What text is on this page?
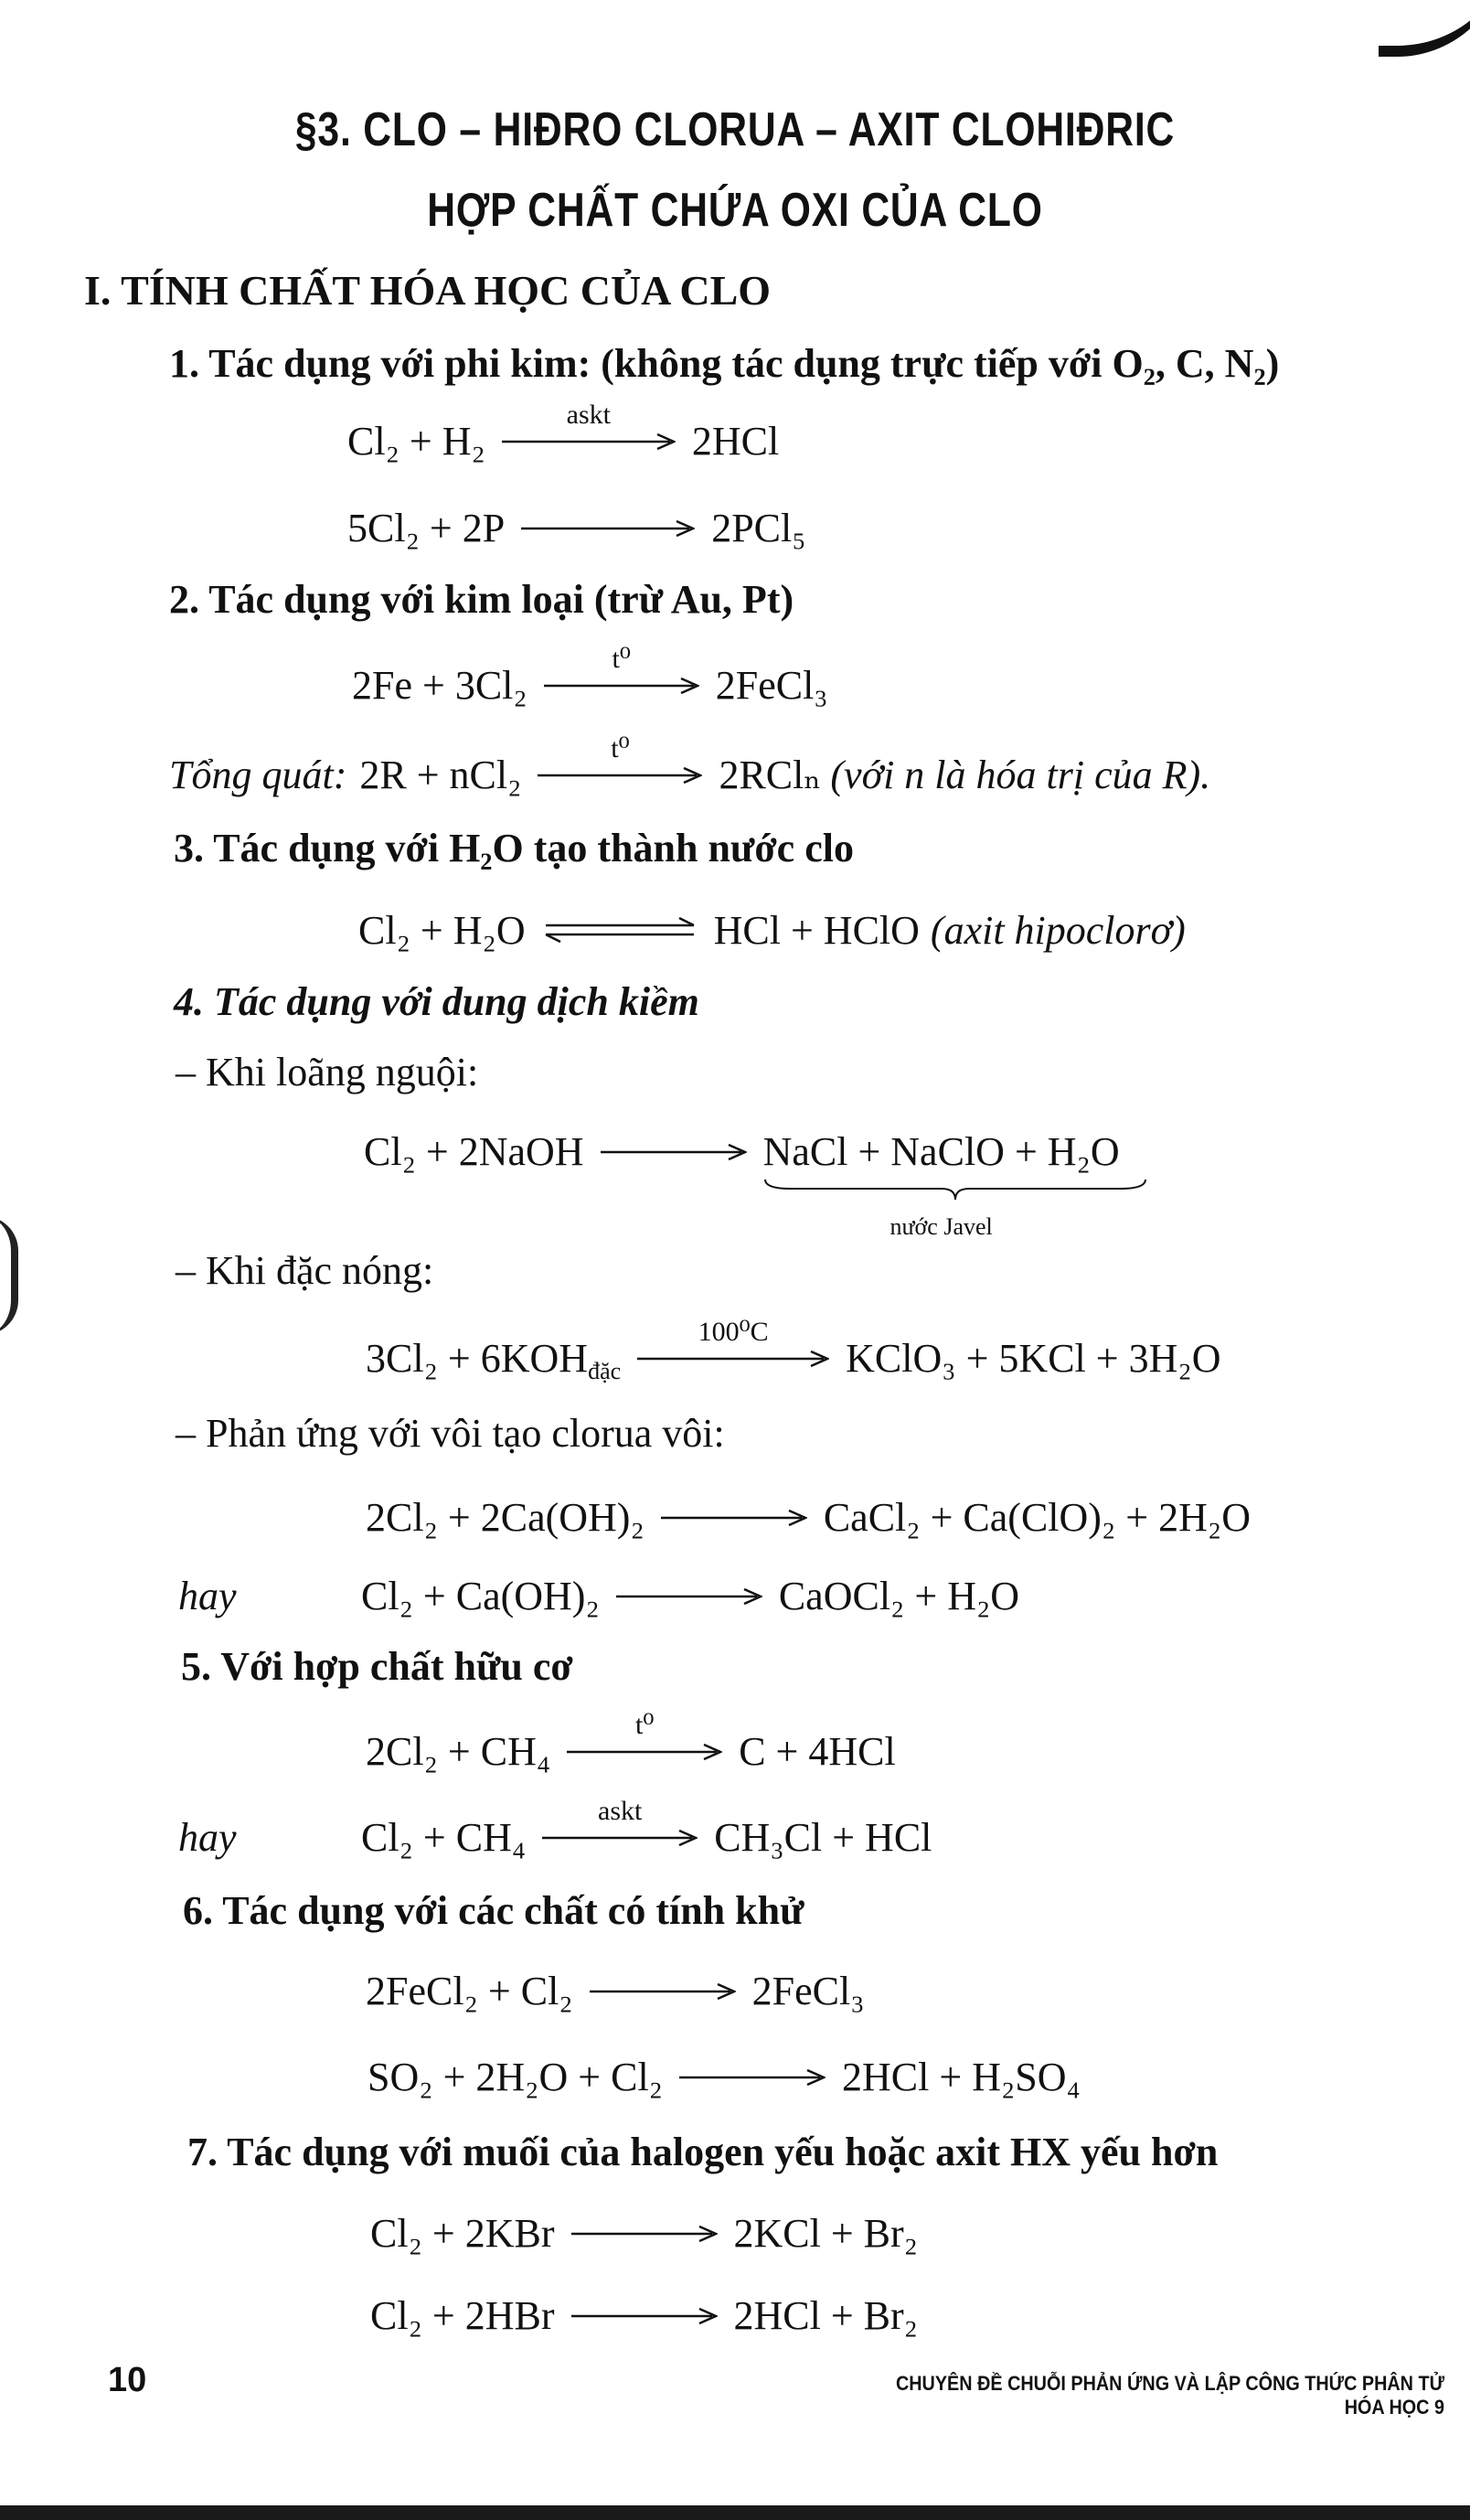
§3. CLO – HIĐRO CLORUA – AXIT CLOHIĐRIC
HỢP CHẤT CHỨA OXI CỦA CLO
I. TÍNH CHẤT HÓA HỌC CỦA CLO
1. Tác dụng với phi kim: (không tác dụng trực tiếp với O₂, C, N₂)
Cl₂ + H₂
askt
2HCl
5Cl₂ + 2P	2PCl₅
2. Tác dụng với kim loại (trừ Au, Pt)
2Fe + 3Cl₂
t⁰
2FeCl₃
Tổng quát: 2R + nCl₂
t⁰
2RClₙ (với n là hóa trị của R).
3. Tác dụng với H₂O tạo thành nước clo
Cl₂ + H₂O ⇌ HCl + HClO (axit hipoclorơ)
4. Tác dụng với dung dịch kiềm
– Khi loãng nguội:
Cl₂ + 2NaOH → NaCl + NaClO + H₂O
nước Javel
– Khi đặc nóng:
3Cl₂ + 6KOH đặc
100⁰C
KClO₃ + 5KCl + 3H₂O
– Phản ứng với vôi tạo clorua vôi:
2Cl₂ + 2Ca(OH)₂ → CaCl₂ + Ca(ClO)₂ + 2H₂O
hay	Cl₂ + Ca(OH)₂ → CaOCl₂ + H₂O
5. Với hợp chất hữu cơ
2Cl₂ + CH₄
t⁰
C + 4HCl
hay	Cl₂ + CH₄
askt
CH₃Cl + HCl
6. Tác dụng với các chất có tính khử
2FeCl₂ + Cl₂ → 2FeCl₃
SO₂ + 2H₂O + Cl₂ → 2HCl + H₂SO₄
7. Tác dụng với muối của halogen yếu hoặc axit HX yếu hơn
Cl₂ + 2KBr → 2KCl + Br₂
Cl₂ + 2HBr → 2HCl + Br₂
10	CHUYÊN ĐỀ CHUỖI PHẢN ỨNG VÀ LẬP CÔNG THỨC PHÂN TỬ HÓA HỌC 9
